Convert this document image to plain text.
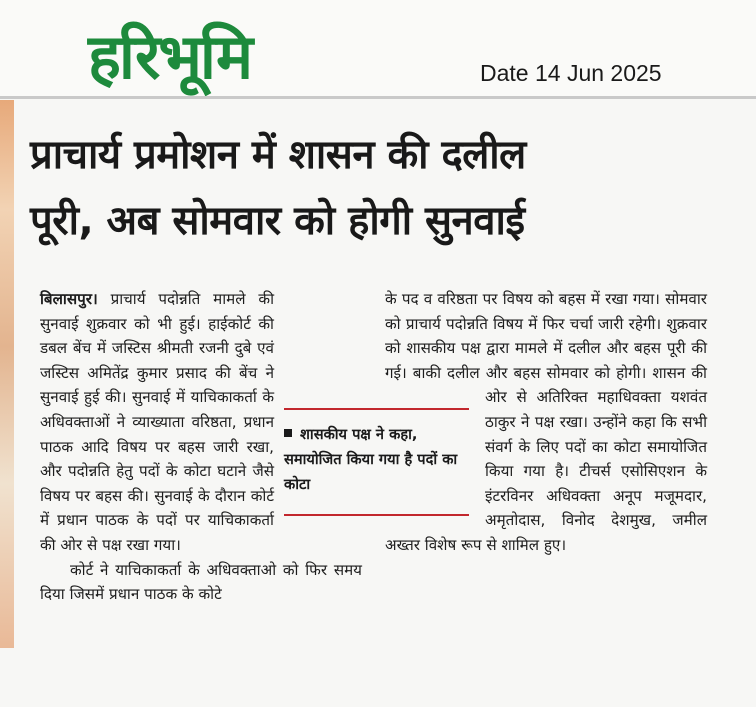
हरिभूमि	Date 14 Jun 2025
प्राचार्य प्रमोशन में शासन की दलील
पूरी, अब सोमवार को होगी सुनवाई
बिलासपुर। प्राचार्य पदोन्नति मामले की सुनवाई शुक्रवार को भी हुई। हाईकोर्ट की डबल बेंच में जस्टिस श्रीमती रजनी दुबे एवं जस्टिस अमितेंद्र कुमार प्रसाद की बेंच ने सुनवाई हुई की। सुनवाई में याचिकाकर्ता के अधिवक्ताओं ने व्याख्याता वरिष्ठता, प्रधान पाठक आदि विषय पर बहस जारी रखा, और पदोन्नति हेतु पदों के कोटा घटाने जैसे विषय पर बहस की। सुनवाई के दौरान कोर्ट में प्रधान पाठक के पदों पर याचिकाकर्ता की ओर से पक्ष रखा गया।
कोर्ट ने याचिकाकर्ता के अधिवक्ताओ को फिर समय दिया जिसमें प्रधान पाठक के कोटे
के पद व वरिष्ठता पर विषय को बहस में रखा गया। सोमवार को प्राचार्य पदोन्नति विषय में फिर चर्चा जारी रहेगी। शुक्रवार को शासकीय पक्ष द्वारा मामले में दलील और बहस पूरी की गई। बाकी दलील और बहस सोमवार को होगी। शासन की ओर से अतिरिक्त महाधिवक्ता यशवंत ठाकुर ने पक्ष रखा। उन्होंने कहा कि सभी संवर्ग के लिए पदों का कोटा समायोजित किया गया है। टीचर्स एसोसिएशन के इंटरविनर अधिवक्ता अनूप मजूमदार, अमृतोदास, विनोद देशमुख, जमील अख्तर विशेष रूप से शामिल हुए।
शासकीय पक्ष ने कहा, समायोजित किया गया है पदों का कोटा
